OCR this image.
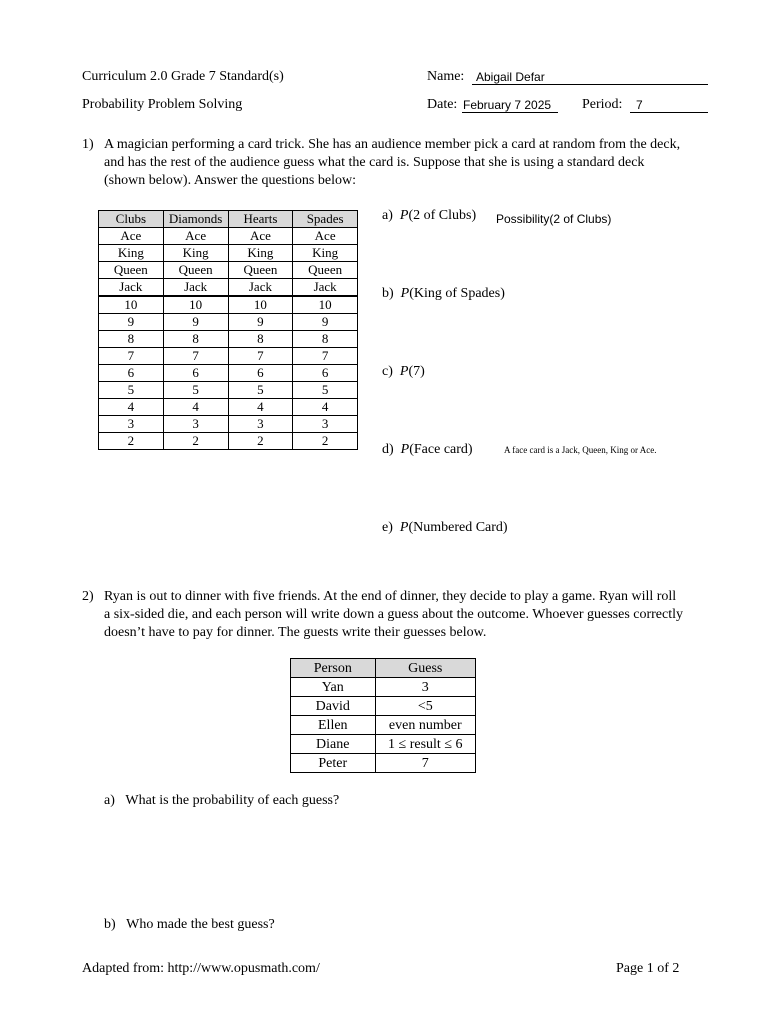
Curriculum 2.0 Grade 7 Standard(s)
Probability Problem Solving
Name: Abigail Defar
Date: February 7 2025 Period: 7
1) A magician performing a card trick. She has an audience member pick a card at random from the deck, and has the rest of the audience guess what the card is. Suppose that she is using a standard deck (shown below). Answer the questions below:
Clubs	Diamonds	Hearts	Spades
Ace	Ace	Ace	Ace
King	King	King	King
Queen	Queen	Queen	Queen
Jack	Jack	Jack	Jack
10	10	10	10
9	9	9	9
8	8	8	8
7	7	7	7
6	6	6	6
5	5	5	5
4	4	4	4
3	3	3	3
2	2	2	2
a) P(2 of Clubs) Possibility(2 of Clubs)
b) P(King of Spades)
c) P(7)
d) P(Face card)	A face card is a Jack, Queen, King or Ace.
e) P(Numbered Card)
2) Ryan is out to dinner with five friends. At the end of dinner, they decide to play a game. Ryan will roll a six-sided die, and each person will write down a guess about the outcome. Whoever guesses correctly doesn’t have to pay for dinner. The guests write their guesses below.
Person	Guess
Yan	3
David	<5
Ellen	even number
Diane	1 ≤ result ≤ 6
Peter	7
a) What is the probability of each guess?
b) Who made the best guess?
Adapted from: http://www.opusmath.com/	Page 1 of 2
